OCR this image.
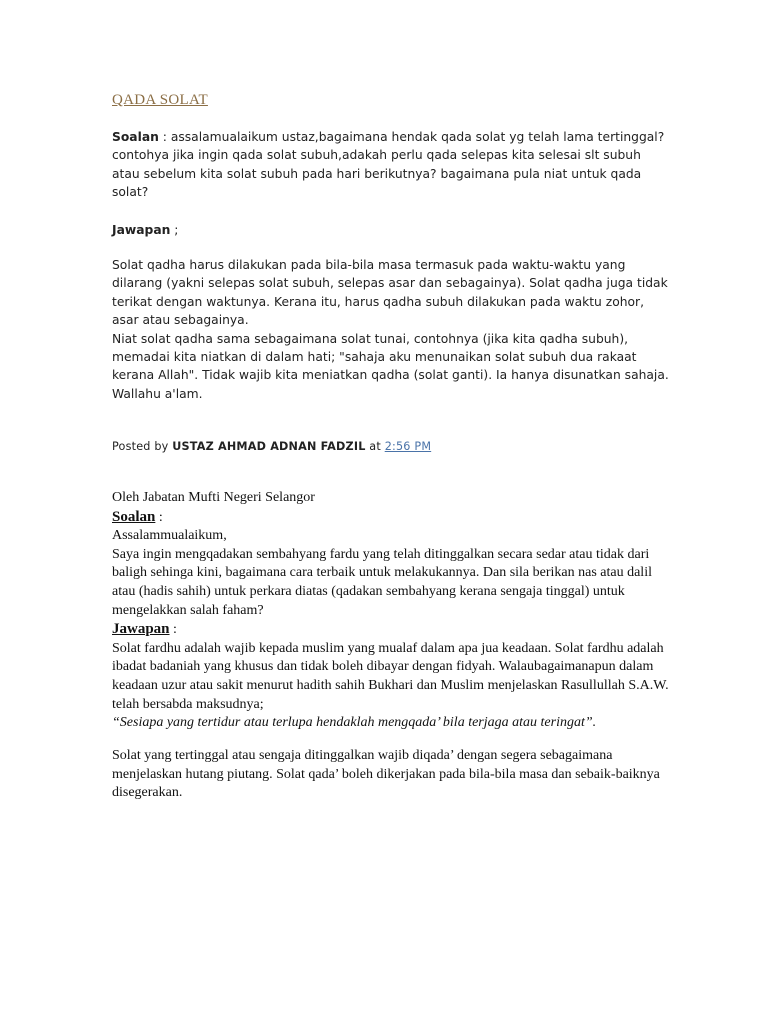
QADA SOLAT

Soalan : assalamualaikum ustaz,bagaimana hendak qada solat yg telah lama tertinggal? contohya jika ingin qada solat subuh,adakah perlu qada selepas kita selesai slt subuh atau sebelum kita solat subuh pada hari berikutnya? bagaimana pula niat untuk qada solat?

Jawapan ;

Solat qadha harus dilakukan pada bila-bila masa termasuk pada waktu-waktu yang dilarang (yakni selepas solat subuh, selepas asar dan sebagainya). Solat qadha juga tidak terikat dengan waktunya. Kerana itu, harus qadha subuh dilakukan pada waktu zohor, asar atau sebagainya.

Niat solat qadha sama sebagaimana solat tunai, contohnya (jika kita qadha subuh), memadai kita niatkan di dalam hati; "sahaja aku menunaikan solat subuh dua rakaat kerana Allah". Tidak wajib kita meniatkan qadha (solat ganti). Ia hanya disunatkan sahaja.

Wallahu a'lam.

Posted by USTAZ AHMAD ADNAN FADZIL at 2:56 PM

Oleh Jabatan Mufti Negeri Selangor

Soalan :

Assalammualaikum,

Saya ingin mengqadakan sembahyang fardu yang telah ditinggalkan secara sedar atau tidak dari baligh sehinga kini, bagaimana cara terbaik untuk melakukannya. Dan sila berikan nas atau dalil atau (hadis sahih) untuk perkara diatas (qadakan sembahyang kerana sengaja tinggal) untuk mengelakkan salah faham?

Jawapan :

Solat fardhu adalah wajib kepada muslim yang mualaf dalam apa jua keadaan. Solat fardhu adalah ibadat badaniah yang khusus dan tidak boleh dibayar dengan fidyah. Walaubagaimanapun dalam keadaan uzur atau sakit menurut hadith sahih Bukhari dan Muslim menjelaskan Rasullullah S.A.W. telah bersabda maksudnya;

“Sesiapa yang tertidur atau terlupa hendaklah mengqada’ bila terjaga atau teringat”.

Solat yang tertinggal atau sengaja ditinggalkan wajib diqada’ dengan segera sebagaimana menjelaskan hutang piutang. Solat qada’ boleh dikerjakan pada bila-bila masa dan sebaik-baiknya disegerakan.
